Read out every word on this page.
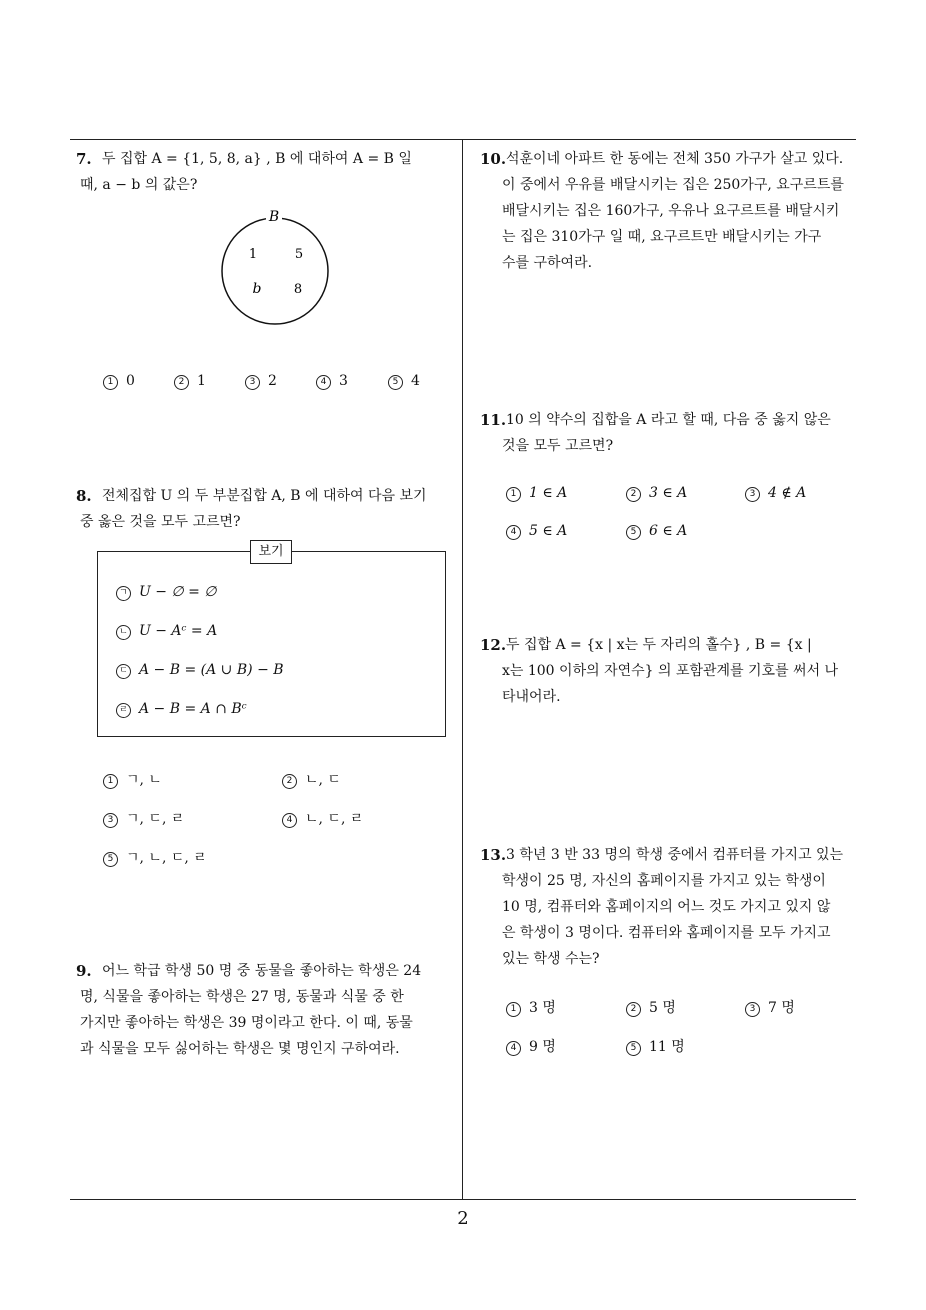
7. 두 집합 A = {1, 5, 8, a} , B 에 대하여 A = B 일
때, a − b 의 값은?
B
1	5
b 8
1 0	2 1	3 2	4 3	5 4
8. 전체집합 U 의 두 부분집합 A, B 에 대하여 다음 보기
중 옳은 것을 모두 고르면?
보기
ㄱ U − ∅ = ∅
ㄴ U − Aᶜ = A
ㄷ A − B = (A ∪ B) − B
ㄹ A − B = A ∩ Bᶜ
1 ㄱ, ㄴ	2 ㄴ, ㄷ
3 ㄱ, ㄷ, ㄹ	4 ㄴ, ㄷ, ㄹ
5 ㄱ, ㄴ, ㄷ, ㄹ
9. 어느 학급 학생 50 명 중 동물을 좋아하는 학생은 24
명, 식물을 좋아하는 학생은 27 명, 동물과 식물 중 한
가지만 좋아하는 학생은 39 명이라고 한다. 이 때, 동물
과 식물을 모두 싫어하는 학생은 몇 명인지 구하여라.
10. 석훈이네 아파트 한 동에는 전체 350 가구가 살고 있다.
이 중에서 우유를 배달시키는 집은 250가구, 요구르트를
배달시키는 집은 160가구, 우유나 요구르트를 배달시키
는 집은 310가구 일 때, 요구르트만 배달시키는 가구
수를 구하여라.
11. 10 의 약수의 집합을 A 라고 할 때, 다음 중 옳지 않은
것을 모두 고르면?
1 1 ∈ A	2 3 ∈ A	3 4 ∉ A
4 5 ∈ A	5 6 ∈ A
12. 두 집합 A = {x | x는 두 자리의 홀수} , B = {x |
x는 100 이하의 자연수} 의 포함관계를 기호를 써서 나
타내어라.
13. 3 학년 3 반 33 명의 학생 중에서 컴퓨터를 가지고 있는
학생이 25 명, 자신의 홈페이지를 가지고 있는 학생이
10 명, 컴퓨터와 홈페이지의 어느 것도 가지고 있지 않
은 학생이 3 명이다. 컴퓨터와 홈페이지를 모두 가지고
있는 학생 수는?
1 3 명	2 5 명	3 7 명
4 9 명	5 11 명
2
